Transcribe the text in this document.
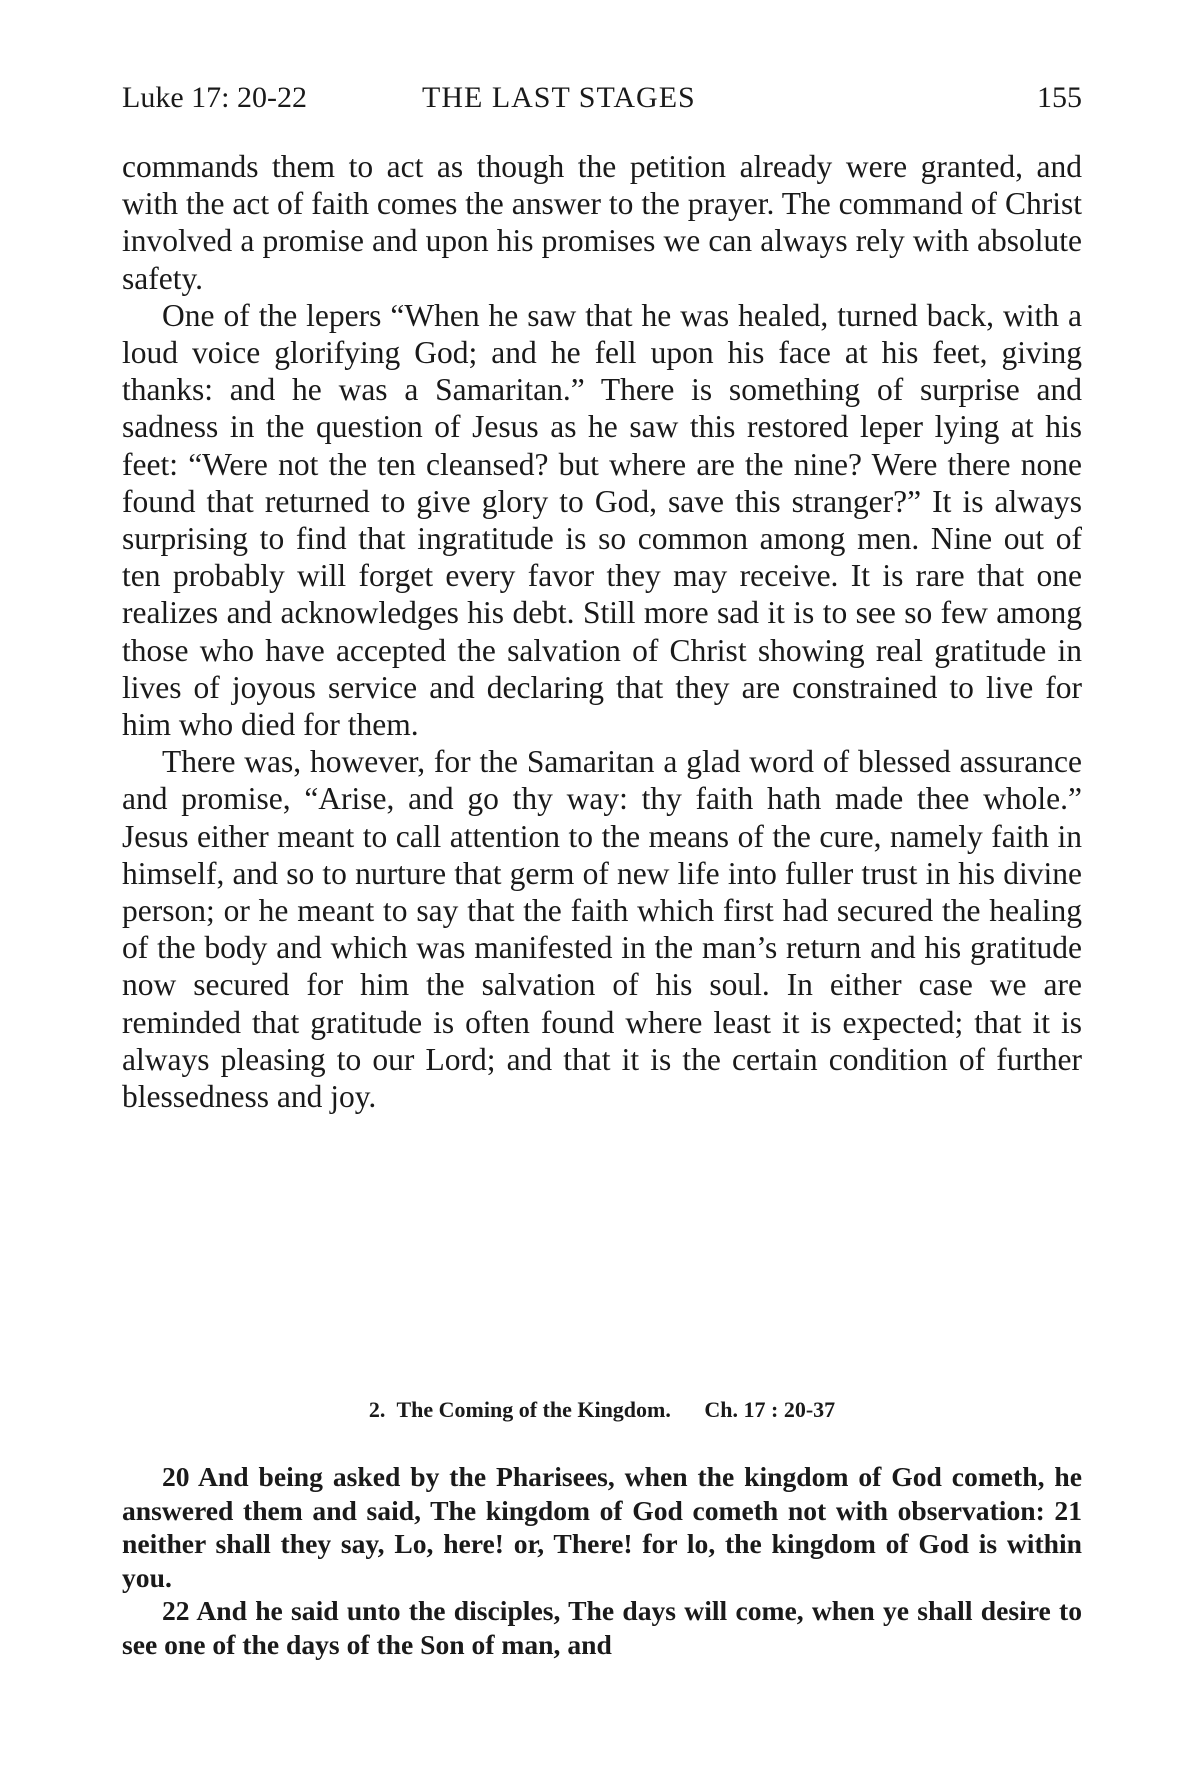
Luke 17: 20-22	THE LAST STAGES	155

commands them to act as though the petition already were granted, and with the act of faith comes the answer to the prayer. The command of Christ involved a promise and upon his promises we can always rely with absolute safety.

One of the lepers “When he saw that he was healed, turned back, with a loud voice glorifying God; and he fell upon his face at his feet, giving thanks: and he was a Samaritan.” There is something of surprise and sadness in the question of Jesus as he saw this restored leper lying at his feet: “Were not the ten cleansed? but where are the nine? Were there none found that returned to give glory to God, save this stranger?” It is always surprising to find that ingratitude is so common among men. Nine out of ten probably will forget every favor they may receive. It is rare that one realizes and acknowledges his debt. Still more sad it is to see so few among those who have accepted the salvation of Christ showing real gratitude in lives of joyous service and declaring that they are constrained to live for him who died for them.

There was, however, for the Samaritan a glad word of blessed assurance and promise, “Arise, and go thy way: thy faith hath made thee whole.” Jesus either meant to call attention to the means of the cure, namely faith in himself, and so to nurture that germ of new life into fuller trust in his divine person; or he meant to say that the faith which first had secured the healing of the body and which was manifested in the man’s return and his gratitude now secured for him the salvation of his soul. In either case we are reminded that gratitude is often found where least it is expected; that it is always pleasing to our Lord; and that it is the certain condition of further blessedness and joy.

2. The Coming of the Kingdom. Ch. 17 : 20-37

20 And being asked by the Pharisees, when the kingdom of God cometh, he answered them and said, The kingdom of God cometh not with observation: 21 neither shall they say, Lo, here! or, There! for lo, the kingdom of God is within you.

22 And he said unto the disciples, The days will come, when ye shall desire to see one of the days of the Son of man, and
